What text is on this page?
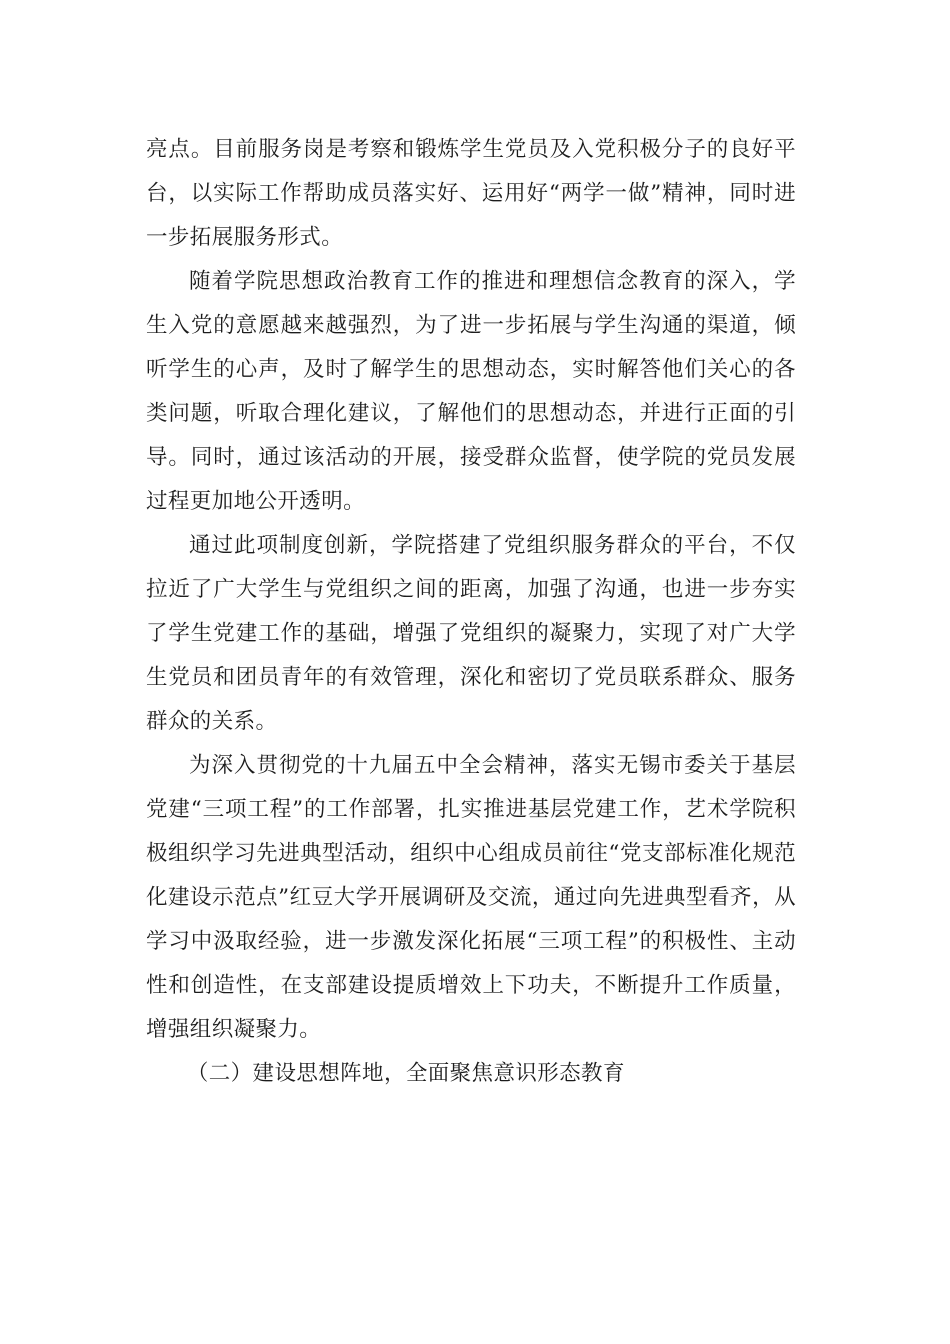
亮点。目前服务岗是考察和锻炼学生党员及入党积极分子的良好平台，以实际工作帮助成员落实好、运用好“两学一做”精神，同时进一步拓展服务形式。

随着学院思想政治教育工作的推进和理想信念教育的深入，学生入党的意愿越来越强烈，为了进一步拓展与学生沟通的渠道，倾听学生的心声，及时了解学生的思想动态，实时解答他们关心的各类问题，听取合理化建议，了解他们的思想动态，并进行正面的引导。同时，通过该活动的开展，接受群众监督，使学院的党员发展过程更加地公开透明。

通过此项制度创新，学院搭建了党组织服务群众的平台，不仅拉近了广大学生与党组织之间的距离，加强了沟通，也进一步夯实了学生党建工作的基础，增强了党组织的凝聚力，实现了对广大学生党员和团员青年的有效管理，深化和密切了党员联系群众、服务群众的关系。

为深入贯彻党的十九届五中全会精神，落实无锡市委关于基层党建“三项工程”的工作部署，扎实推进基层党建工作，艺术学院积极组织学习先进典型活动，组织中心组成员前往“党支部标准化规范化建设示范点”红豆大学开展调研及交流，通过向先进典型看齐，从学习中汲取经验，进一步激发深化拓展“三项工程”的积极性、主动性和创造性，在支部建设提质增效上下功夫，不断提升工作质量，增强组织凝聚力。

（二）建设思想阵地，全面聚焦意识形态教育
